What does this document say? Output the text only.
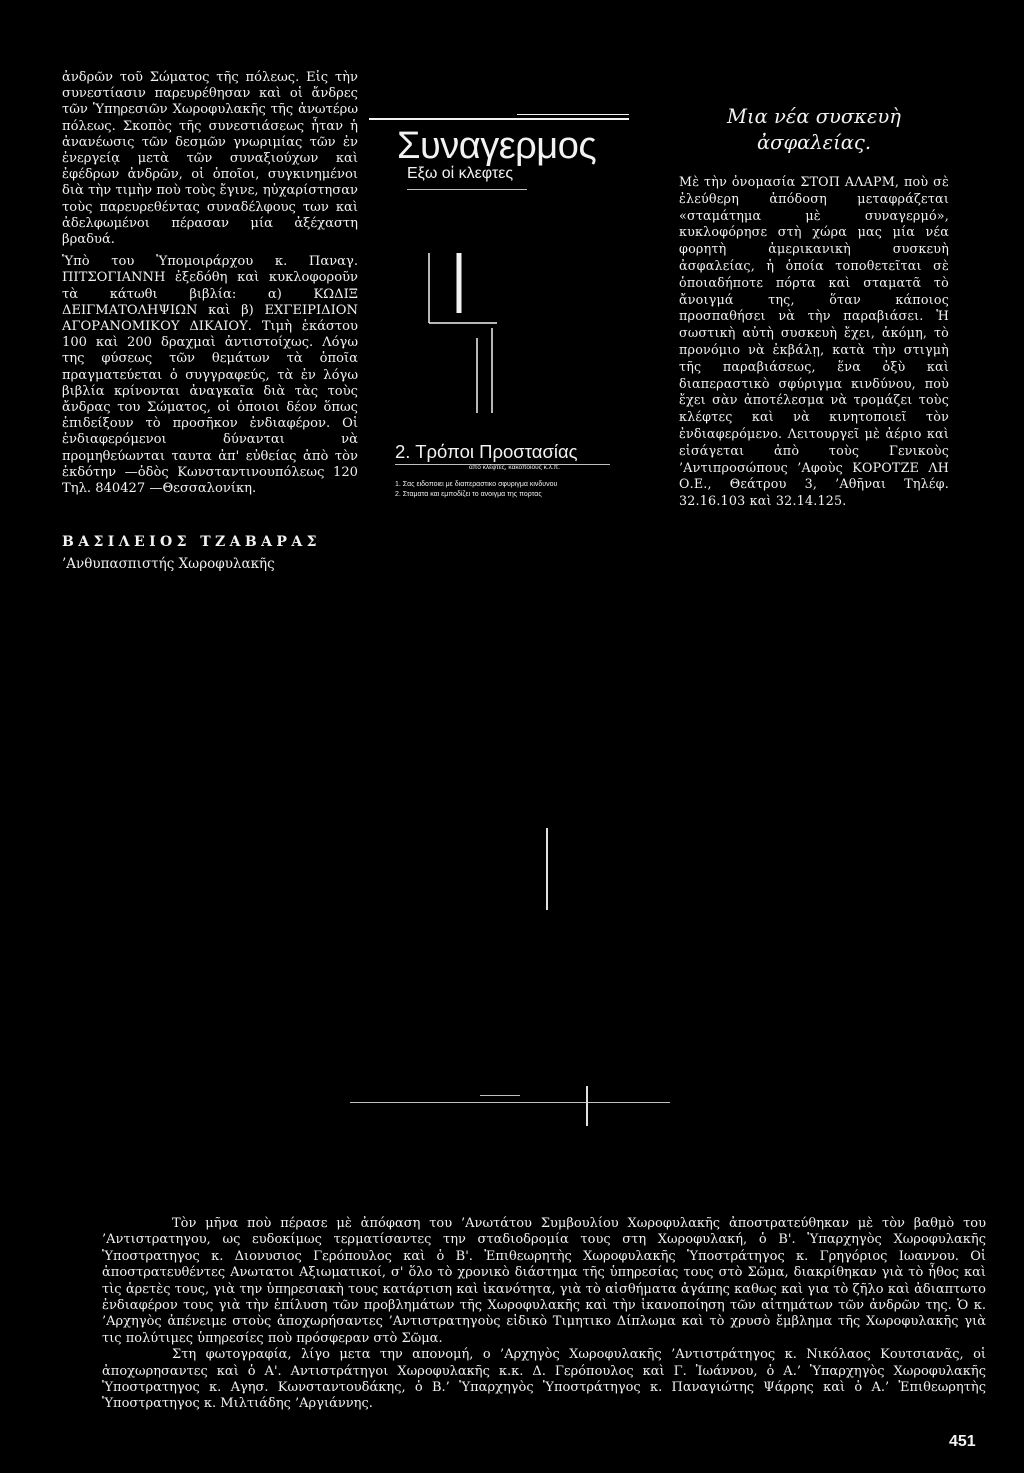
ἀνδρῶν τοῦ Σώματος τῆς πόλεως. Εἰς τὴν συνεστίασιν παρευρέθησαν καὶ οἱ ἄνδρες τῶν Ὑπηρεσιῶν Χωροφυλακῆς τῆς ἀνωτέρω πόλεως. Σκοπὸς τῆς συνεστιάσεως ἦταν ἡ ἀνανέωσις τῶν δεσμῶν γνωριμίας τῶν ἐν ἐνεργείᾳ μετὰ τῶν συναξιούχων καὶ ἐφέδρων ἀνδρῶν, οἱ ὁποῖοι, συγκινημένοι διὰ τὴν τιμὴν ποὺ τοὺς ἔγινε, ηὐχαρίστησαν τοὺς παρευρεθέντας συναδέλφους των καὶ ἀδελφωμένοι πέρασαν μία ἀξέχαστη βραδυά.

Ὑπὸ του Ὑπομοιράρχου κ. Παναγ. ΠΙΤΣΟΓΙΑΝΝΗ ἐξεδόθη καὶ κυκλοφοροῦν τὰ κάτωθι βιβλία: α) ΚΩΔΙΞ ΔΕΙΓΜΑΤΟΛΗΨΙΩΝ καὶ β) ΕΧΓΕΙΡΙΔΙΟΝ ΑΓΟΡΑΝΟΜΙΚΟΥ ΔΙΚΑΙΟΥ. Τιμὴ ἑκάστου 100 καὶ 200 δραχμαὶ ἀντιστοίχως. Λόγω της φύσεως τῶν θεμάτων τὰ ὁποῖα πραγματεύεται ὁ συγγραφεύς, τὰ ἐν λόγω βιβλία κρίνονται ἀναγκαῖα διὰ τὰς τοὺς ἄνδρας του Σώματος, οἱ ὁποιοι δέον ὅπως ἐπιδείξουν τὸ προσῆκον ἐνδιαφέρον. Οἱ ἐνδιαφερόμενοι δύνανται νὰ προμηθεύωνται ταυτα ἀπ' εὐθείας ἀπὸ τὸν ἐκδότην —ὁδὸς Κωνσταντινουπόλεως 120 Τηλ. 840427 —Θεσσαλονίκη.

ΒΑΣΙΛΕΙΟΣ ΤΖΑΒΑΡΑΣ
’Ανθυπασπιστής Χωροφυλακῆς
Συναγερμος
Εξω οἱ κλεφτες
2. Τρόποι Προστασίας
από κλέφτες, κακοποιούς κ.λ.π.
1. Σας ειδοποιει με διαπεραστικο σφυριγμα κινδυνου
2. Σταματα και εμποδίζει το ανοιγμα της πορτας
Μια νέα συσκευὴ
ἀσφαλείας.
Μὲ τὴν ὀνομασία ΣΤΟΠ ΑΛΑΡΜ, ποὺ σὲ ἐλεύθερη ἀπόδοση μεταφράζεται «σταμάτημα μὲ συναγερμό», κυκλοφόρησε στὴ χώρα μας μία νέα φορητὴ ἀμερικανικὴ συσκευὴ ἀσφαλείας, ἡ ὁποία τοποθετεῖται σὲ ὁποιαδήποτε πόρτα καὶ σταματᾶ τὸ ἄνοιγμά της, ὅταν κάποιος προσπαθήσει νὰ τὴν παραβιάσει. Ἡ σωστικὴ αὐτὴ συσκευὴ ἔχει, ἀκόμη, τὸ προνόμιο νὰ ἐκβάλῃ, κατὰ τὴν στιγμὴ τῆς παραβιάσεως, ἕνα ὀξὺ καὶ διαπεραστικὸ σφύριγμα κινδύνου, ποὺ ἔχει σὰν ἀποτέλεσμα νὰ τρομάζει τοὺς κλέφτες καὶ νὰ κινητοποιεῖ τὸν ἐνδιαφερόμενο. Λειτουργεῖ μὲ ἀέριο καὶ εἰσάγεται ἀπὸ τοὺς Γενικοὺς ’Αντιπροσώπους ’Αφοὺς ΚΟΡΟΤΖΕ ΛΗ Ο.Ε., Θεάτρου 3, ’Αθῆναι Τηλέφ. 32.16.103 καὶ 32.14.125.

Τὸν μῆνα ποὺ πέρασε μὲ ἀπόφαση του ’Ανωτάτου Συμβουλίου Χωροφυλακῆς ἀποστρατεύθηκαν μὲ τὸν βαθμὸ του ’Αντιστρατηγου, ως ευδοκίμως τερματίσαντες την σταδιοδρομία τους στη Χωροφυλακή, ὁ Β'. Ὑπαρχηγὸς Χωροφυλακῆς Ὑποστρατηγος κ. Διονυσιος Γερόπουλος καὶ ὁ Β'. Ἐπιθεωρητὴς Χωροφυλακῆς Ὑποστράτηγος κ. Γρηγόριος Ιωαννου. Οἱ ἀποστρατευθέντες Ανωτατοι Αξιωματικοί, σ' ὅλο τὸ χρονικὸ διάστημα τῆς ὑπηρεσίας τους στὸ Σῶμα, διακρίθηκαν γιὰ τὸ ἦθος καὶ τὶς ἀρετὲς τους, γιὰ την ὑπηρεσιακὴ τους κατάρτιση καὶ ἱκανότητα, γιὰ τὸ αἰσθήματα ἀγάπης καθως καὶ για τὸ ζῆλο καὶ ἀδιαπτωτο ἐνδιαφέρον τους γιὰ τὴν ἐπίλυση τῶν προβλημάτων τῆς Χωροφυλακῆς καὶ τὴν ἱκανοποίηση τῶν αἰτημάτων τῶν ἀνδρῶν της. Ὁ κ. ’Αρχηγὸς ἀπένειμε στοὺς ἀποχωρήσαντες ’Αντιστρατηγοὺς εἰδικὸ Τιμητικο Δίπλωμα καὶ τὸ χρυσὸ ἔμβλημα τῆς Χωροφυλακῆς γιὰ τις πολύτιμες ὑπηρεσίες ποὺ πρόσφεραν στὸ Σῶμα.

Στη φωτογραφία, λίγο μετα την απονομή, ο ’Αρχηγὸς Χωροφυλακῆς ’Αντιστράτηγος κ. Νικόλαος Κουτσιανᾶς, οἱ ἀποχωρησαντες καὶ ὁ Α'. Αντιστράτηγοι Χωροφυλακῆς κ.κ. Δ. Γερόπουλος καὶ Γ. Ἰωάννου, ὁ Α.’ Ὑπαρχηγὸς Χωροφυλακῆς Ὑποστρατηγος κ. Αγησ. Κωνσταντουδάκης, ὁ Β.’ Ὑπαρχηγὸς Ὑποστράτηγος κ. Παναγιώτης Ψάρρης καὶ ὁ Α.’ Ἐπιθεωρητὴς Ὑποστρατηγος κ. Μιλτιάδης ’Αργιάννης.

451
